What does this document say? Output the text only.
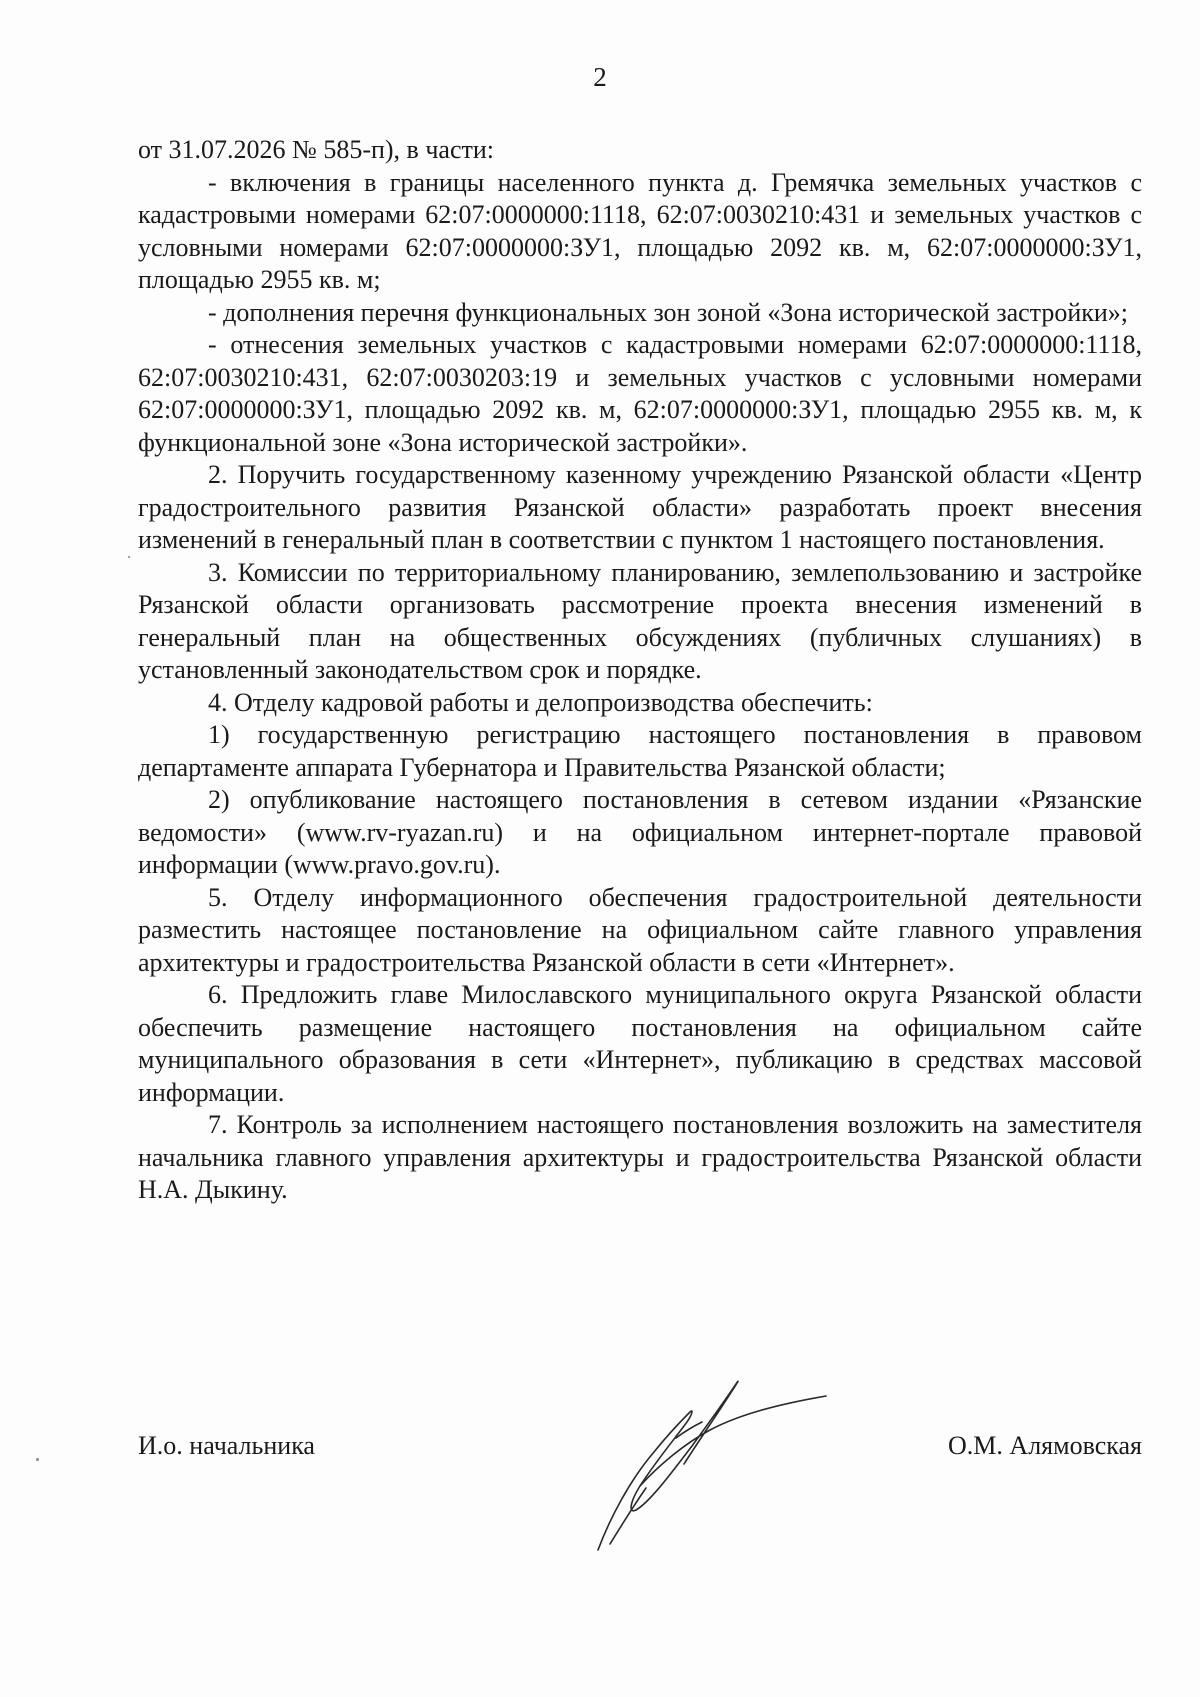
2

от 31.07.2026 № 585-п), в части:

- включения в границы населенного пункта д. Гремячка земельных участков с кадастровыми номерами 62:07:0000000:1118, 62:07:0030210:431 и земельных участков с условными номерами 62:07:0000000:ЗУ1, площадью 2092 кв. м, 62:07:0000000:ЗУ1, площадью 2955 кв. м;

- дополнения перечня функциональных зон зоной «Зона исторической застройки»;

- отнесения земельных участков с кадастровыми номерами 62:07:0000000:1118, 62:07:0030210:431, 62:07:0030203:19 и земельных участков с условными номерами 62:07:0000000:ЗУ1, площадью 2092 кв. м, 62:07:0000000:ЗУ1, площадью 2955 кв. м, к функциональной зоне «Зона исторической застройки».

2. Поручить государственному казенному учреждению Рязанской области «Центр градостроительного развития Рязанской области» разработать проект внесения изменений в генеральный план в соответствии с пунктом 1 настоящего постановления.

3. Комиссии по территориальному планированию, землепользованию и застройке Рязанской области организовать рассмотрение проекта внесения изменений в генеральный план на общественных обсуждениях (публичных слушаниях) в установленный законодательством срок и порядке.

4. Отделу кадровой работы и делопроизводства обеспечить:

1) государственную регистрацию настоящего постановления в правовом департаменте аппарата Губернатора и Правительства Рязанской области;

2) опубликование настоящего постановления в сетевом издании «Рязанские ведомости» (www.rv-ryazan.ru) и на официальном интернет-портале правовой информации (www.pravo.gov.ru).

5. Отделу информационного обеспечения градостроительной деятельности разместить настоящее постановление на официальном сайте главного управления архитектуры и градостроительства Рязанской области в сети «Интернет».

6. Предложить главе Милославского муниципального округа Рязанской области обеспечить размещение настоящего постановления на официальном сайте муниципального образования в сети «Интернет», публикацию в средствах массовой информации.

7. Контроль за исполнением настоящего постановления возложить на заместителя начальника главного управления архитектуры и градостроительства Рязанской области Н.А. Дыкину.

И.о. начальника	О.М. Алямовская
